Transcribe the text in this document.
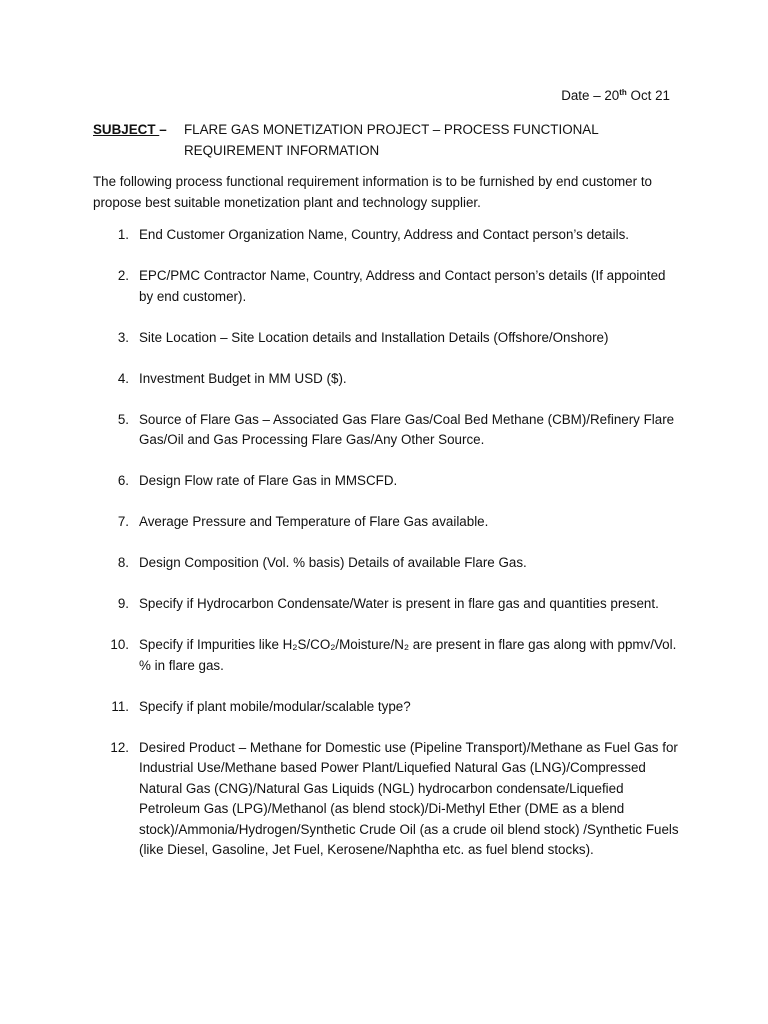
Date – 20th Oct 21
SUBJECT – FLARE GAS MONETIZATION PROJECT – PROCESS FUNCTIONAL REQUIREMENT INFORMATION
The following process functional requirement information is to be furnished by end customer to propose best suitable monetization plant and technology supplier.
1. End Customer Organization Name, Country, Address and Contact person’s details.
2. EPC/PMC Contractor Name, Country, Address and Contact person’s details (If appointed by end customer).
3. Site Location – Site Location details and Installation Details (Offshore/Onshore)
4. Investment Budget in MM USD ($).
5. Source of Flare Gas – Associated Gas Flare Gas/Coal Bed Methane (CBM)/Refinery Flare Gas/Oil and Gas Processing Flare Gas/Any Other Source.
6. Design Flow rate of Flare Gas in MMSCFD.
7. Average Pressure and Temperature of Flare Gas available.
8. Design Composition (Vol. % basis) Details of available Flare Gas.
9. Specify if Hydrocarbon Condensate/Water is present in flare gas and quantities present.
10. Specify if Impurities like H₂S/CO₂/Moisture/N₂ are present in flare gas along with ppmv/Vol. % in flare gas.
11. Specify if plant mobile/modular/scalable type?
12. Desired Product – Methane for Domestic use (Pipeline Transport)/Methane as Fuel Gas for Industrial Use/Methane based Power Plant/Liquefied Natural Gas (LNG)/Compressed Natural Gas (CNG)/Natural Gas Liquids (NGL) hydrocarbon condensate/Liquefied Petroleum Gas (LPG)/Methanol (as blend stock)/Di-Methyl Ether (DME as a blend stock)/Ammonia/Hydrogen/Synthetic Crude Oil (as a crude oil blend stock) /Synthetic Fuels (like Diesel, Gasoline, Jet Fuel, Kerosene/Naphtha etc. as fuel blend stocks).
